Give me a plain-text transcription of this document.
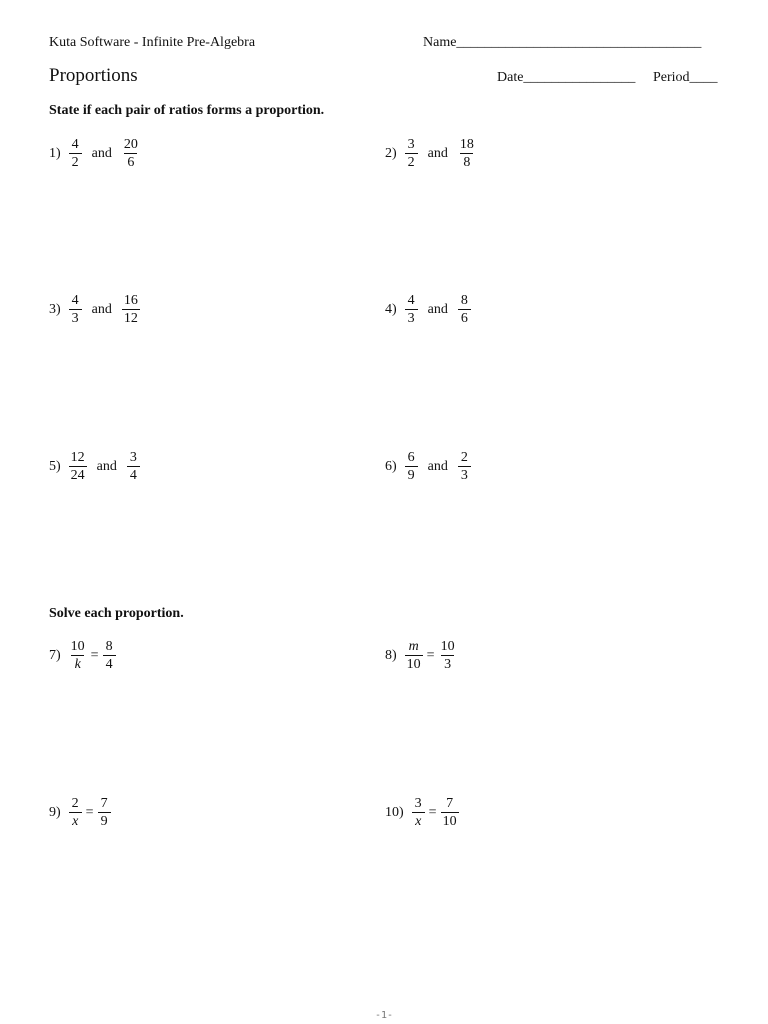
Kuta Software - Infinite Pre-Algebra	Name___________________________________
Proportions	Date________________ Period____
State if each pair of ratios forms a proportion.
$1) \frac{4}{2}$ and $\frac{20}{6}$	$2) \frac{3}{2}$ and $\frac{18}{8}$
$3) \frac{4}{3}$ and $\frac{16}{12}$	$4) \frac{4}{3}$ and $\frac{8}{6}$
$5) \frac{12}{24}$ and $\frac{3}{4}$	$6) \frac{6}{9}$ and $\frac{2}{3}$
Solve each proportion.
$7) \frac{10}{k} = \frac{8}{4}$	$8) \frac{m}{10} = \frac{10}{3}$
$9) \frac{2}{x} = \frac{7}{9}$	$10) \frac{3}{x} = \frac{7}{10}$
-1-
